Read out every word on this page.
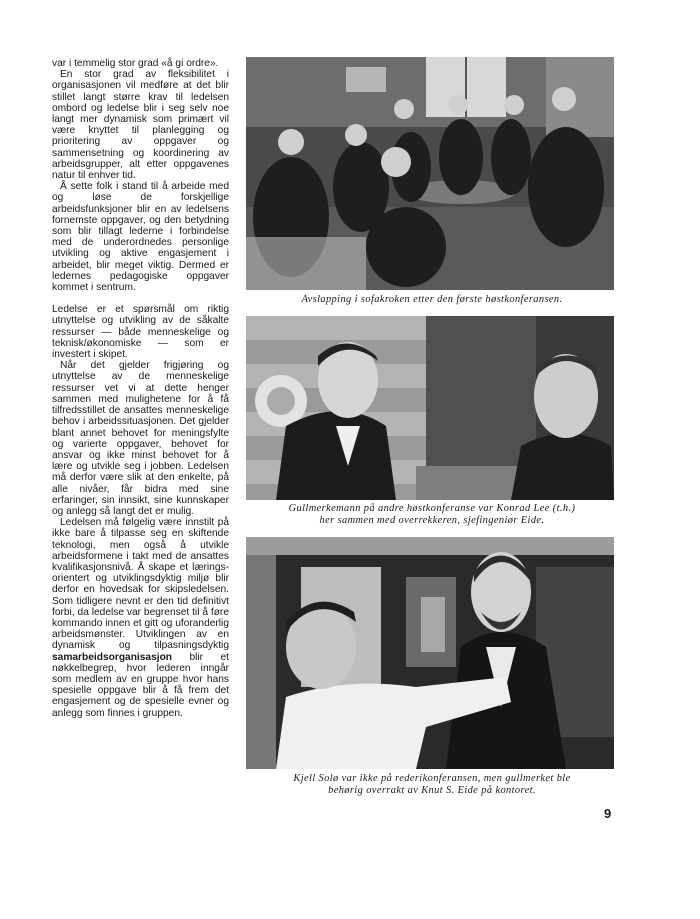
var i temmelig stor grad «å gi ordre».

En stor grad av fleksibilitet i organisasjonen vil medføre at det blir stillet langt større krav til ledelsen ombord og ledelse blir i seg selv noe langt mer dynamisk som primært vil være knyttet til planlegging og prioritering av oppgaver og sammensetning og koordinering av arbeidsgrupper, alt etter oppgavenes natur til enhver tid.

Å sette folk i stand til å arbeide med og løse de forskjellige arbeidsfunksjoner blir en av ledelsens fornemste oppgaver, og den betydning som blir tillagt lederne i forbindelse med de underordnedes personlige utvikling og aktive engasjement i arbeidet, blir meget viktig. Dermed er ledernes pedagogiske oppgaver kommet i sentrum.

Ledelse er et spørsmål om riktig utnyttelse og utvikling av de såkalte ressurser — både menneskelige og teknisk/økonomiske — som er investert i skipet.

Når det gjelder frigjøring og utnyttelse av de menneskelige ressurser vet vi at dette henger sammen med mulighetene for å få tilfredsstillet de ansattes menneskelige behov i arbeidssituasjonen. Det gjelder blant annet behovet for meningsfylte og varierte oppgaver, behovet for ansvar og ikke minst behovet for å lære og utvikle seg i jobben. Ledelsen må derfor være slik at den enkelte, på alle nivåer, får bidra med sine erfaringer, sin innsikt, sine kunnskaper og anlegg så langt det er mulig.

Ledelsen må følgelig være innstilt på ikke bare å tilpasse seg en skiftende teknologi, men også å utvikle arbeidsformene i takt med de ansattes kvalifikasjonsnivå. Å skape et læringsorientert og utviklingsdyktig miljø blir derfor en hovedsak for skipsledelsen. Som tidligere nevnt er den tid definitivt forbi, da ledelse var begrenset til å føre kommando innen et gitt og uforanderlig arbeidsmønster. Utviklingen av en dynamisk og tilpasningsdyktig samarbeidsorganisasjon blir et nøkkelbegrep, hvor lederen inngår som medlem av en gruppe hvor hans spesielle oppgave blir å få frem det engasjement og de spesielle evner og anlegg som finnes i gruppen.

Avslapping i sofakroken etter den første høstkonferansen.
Gullmerkemann på andre høstkonferanse var Konrad Lee (t.h.)
her sammen med overrekkeren, sjefingeniør Eide.
Kjell Solø var ikke på rederikonferansen, men gullmerket ble
behørig overrakt av Knut S. Eide på kontoret.
9
